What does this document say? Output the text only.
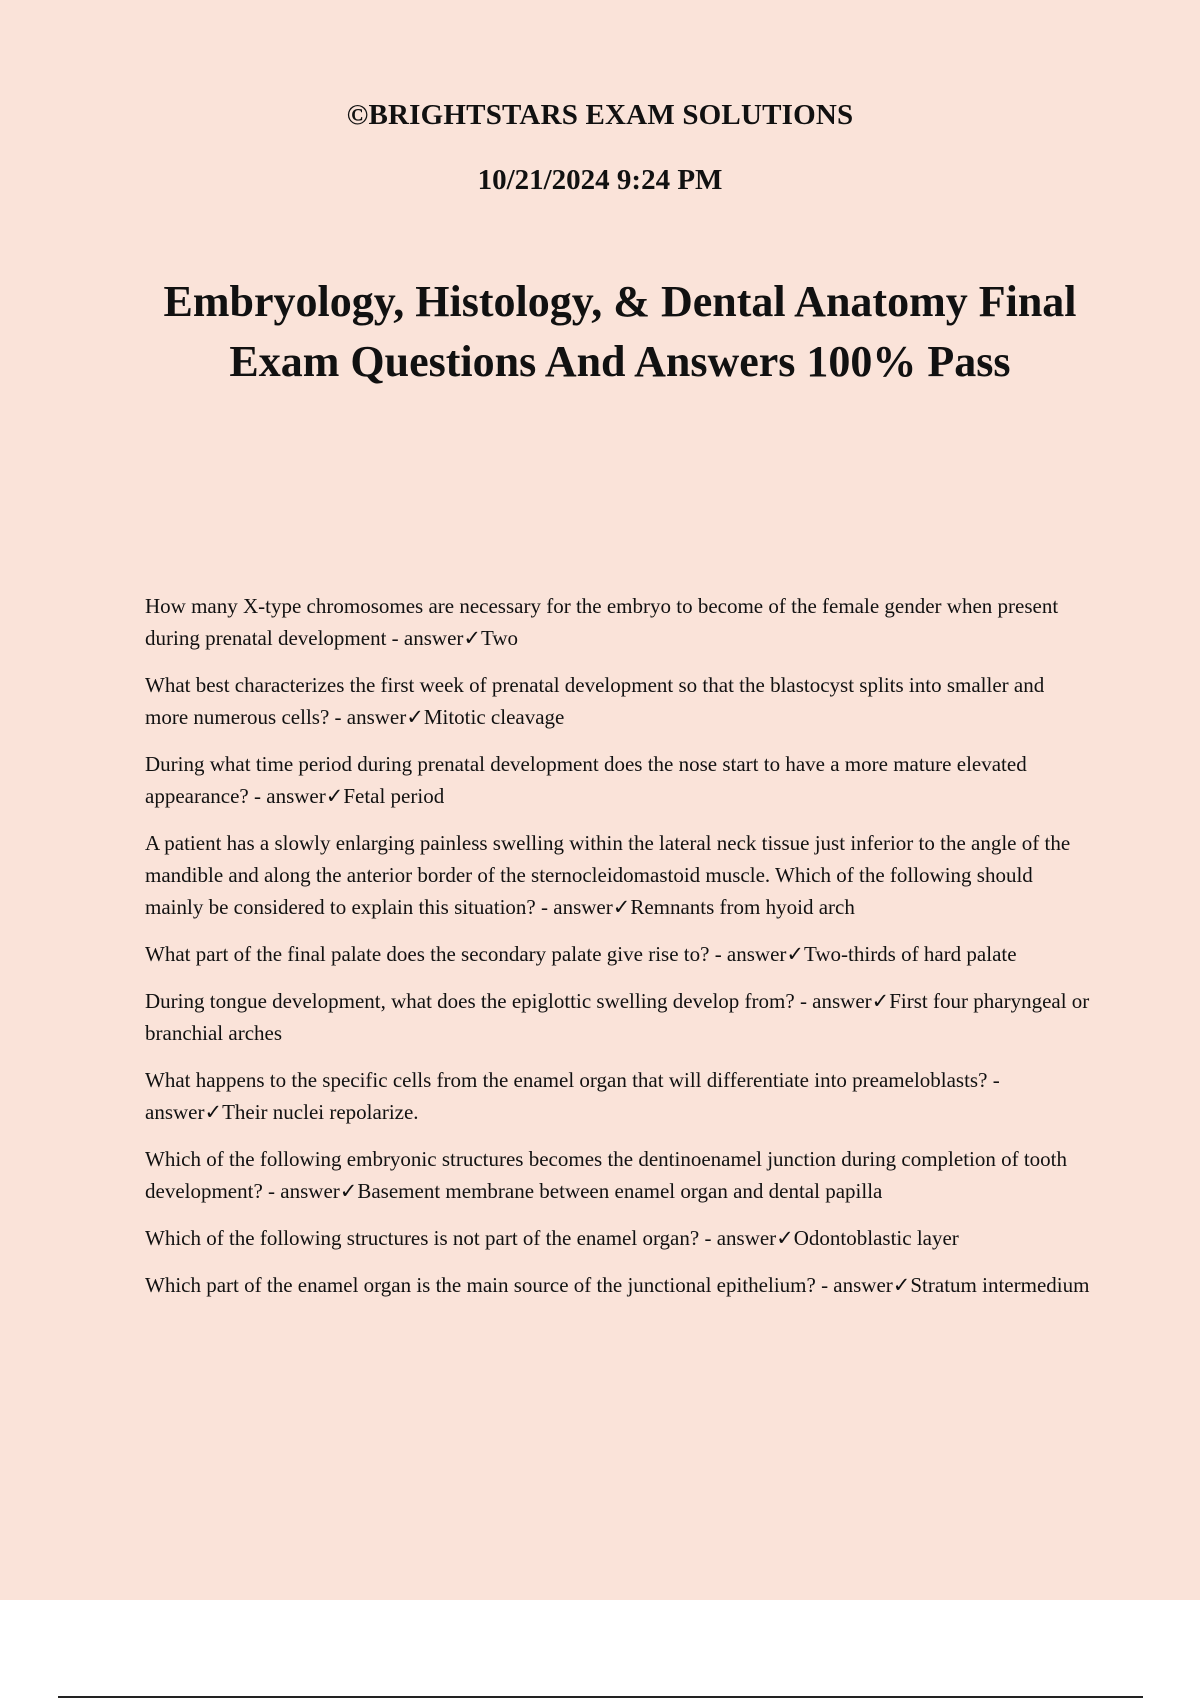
©BRIGHTSTARS EXAM SOLUTIONS
10/21/2024 9:24 PM
Embryology, Histology, & Dental Anatomy Final Exam Questions And Answers 100% Pass
How many X-type chromosomes are necessary for the embryo to become of the female gender when present during prenatal development - answer✓Two
What best characterizes the first week of prenatal development so that the blastocyst splits into smaller and more numerous cells? - answer✓Mitotic cleavage
During what time period during prenatal development does the nose start to have a more mature elevated appearance? - answer✓Fetal period
A patient has a slowly enlarging painless swelling within the lateral neck tissue just inferior to the angle of the mandible and along the anterior border of the sternocleidomastoid muscle. Which of the following should mainly be considered to explain this situation? - answer✓Remnants from hyoid arch
What part of the final palate does the secondary palate give rise to? - answer✓Two-thirds of hard palate
During tongue development, what does the epiglottic swelling develop from? - answer✓First four pharyngeal or branchial arches
What happens to the specific cells from the enamel organ that will differentiate into preameloblasts? - answer✓Their nuclei repolarize.
Which of the following embryonic structures becomes the dentinoenamel junction during completion of tooth development? - answer✓Basement membrane between enamel organ and dental papilla
Which of the following structures is not part of the enamel organ? - answer✓Odontoblastic layer
Which part of the enamel organ is the main source of the junctional epithelium? - answer✓Stratum intermedium
